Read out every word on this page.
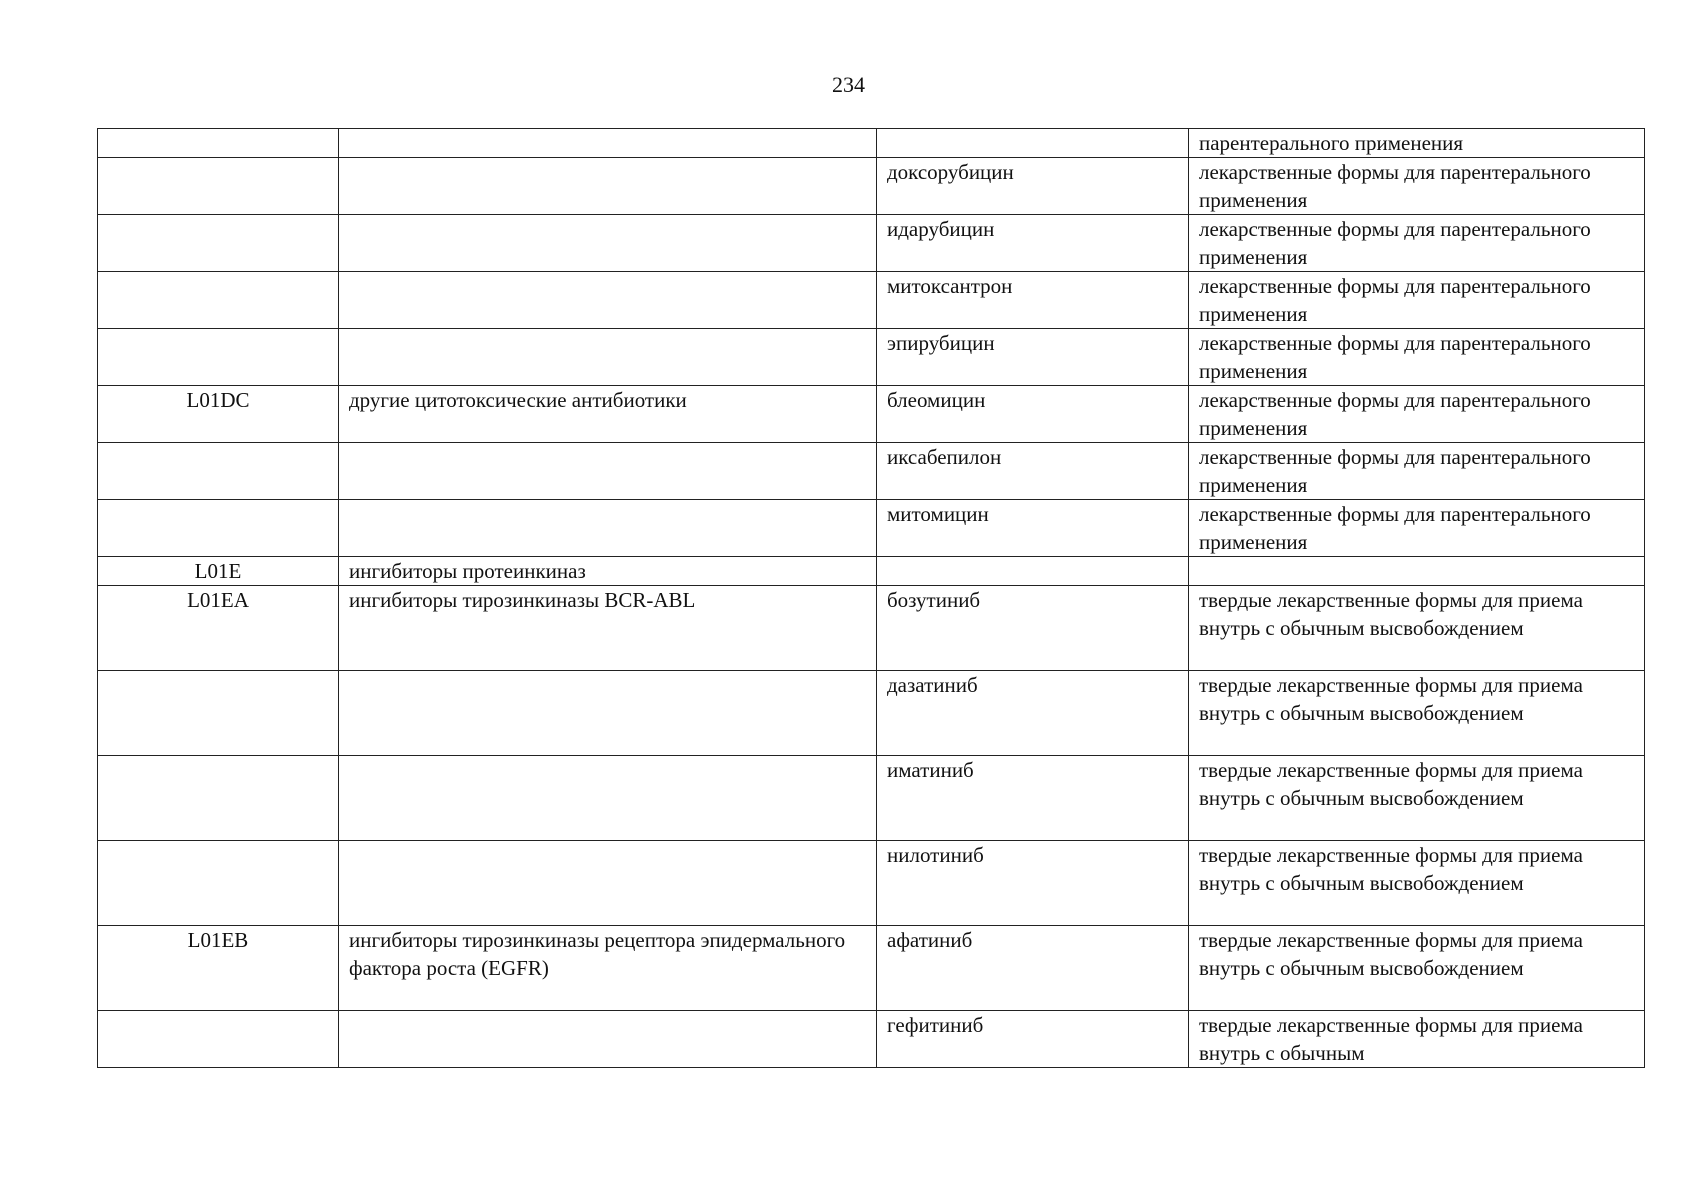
234
			парентерального применения
		доксорубицин	лекарственные формы для парентерального применения
		идарубицин	лекарственные формы для парентерального применения
		митоксантрон	лекарственные формы для парентерального применения
		эпирубицин	лекарственные формы для парентерального применения
L01DC	другие цитотоксические антибиотики	блеомицин	лекарственные формы для парентерального применения
		иксабепилон	лекарственные формы для парентерального применения
		митомицин	лекарственные формы для парентерального применения
L01E	ингибиторы протеинкиназ		
L01EA	ингибиторы тирозинкиназы BCR-ABL	бозутиниб	твердые лекарственные формы для приема внутрь с обычным высвобождением
		дазатиниб	твердые лекарственные формы для приема внутрь с обычным высвобождением
		иматиниб	твердые лекарственные формы для приема внутрь с обычным высвобождением
		нилотиниб	твердые лекарственные формы для приема внутрь с обычным высвобождением
L01EB	ингибиторы тирозинкиназы рецептора эпидермального фактора роста (EGFR)	афатиниб	твердые лекарственные формы для приема внутрь с обычным высвобождением
		гефитиниб	твердые лекарственные формы для приема внутрь с обычным
